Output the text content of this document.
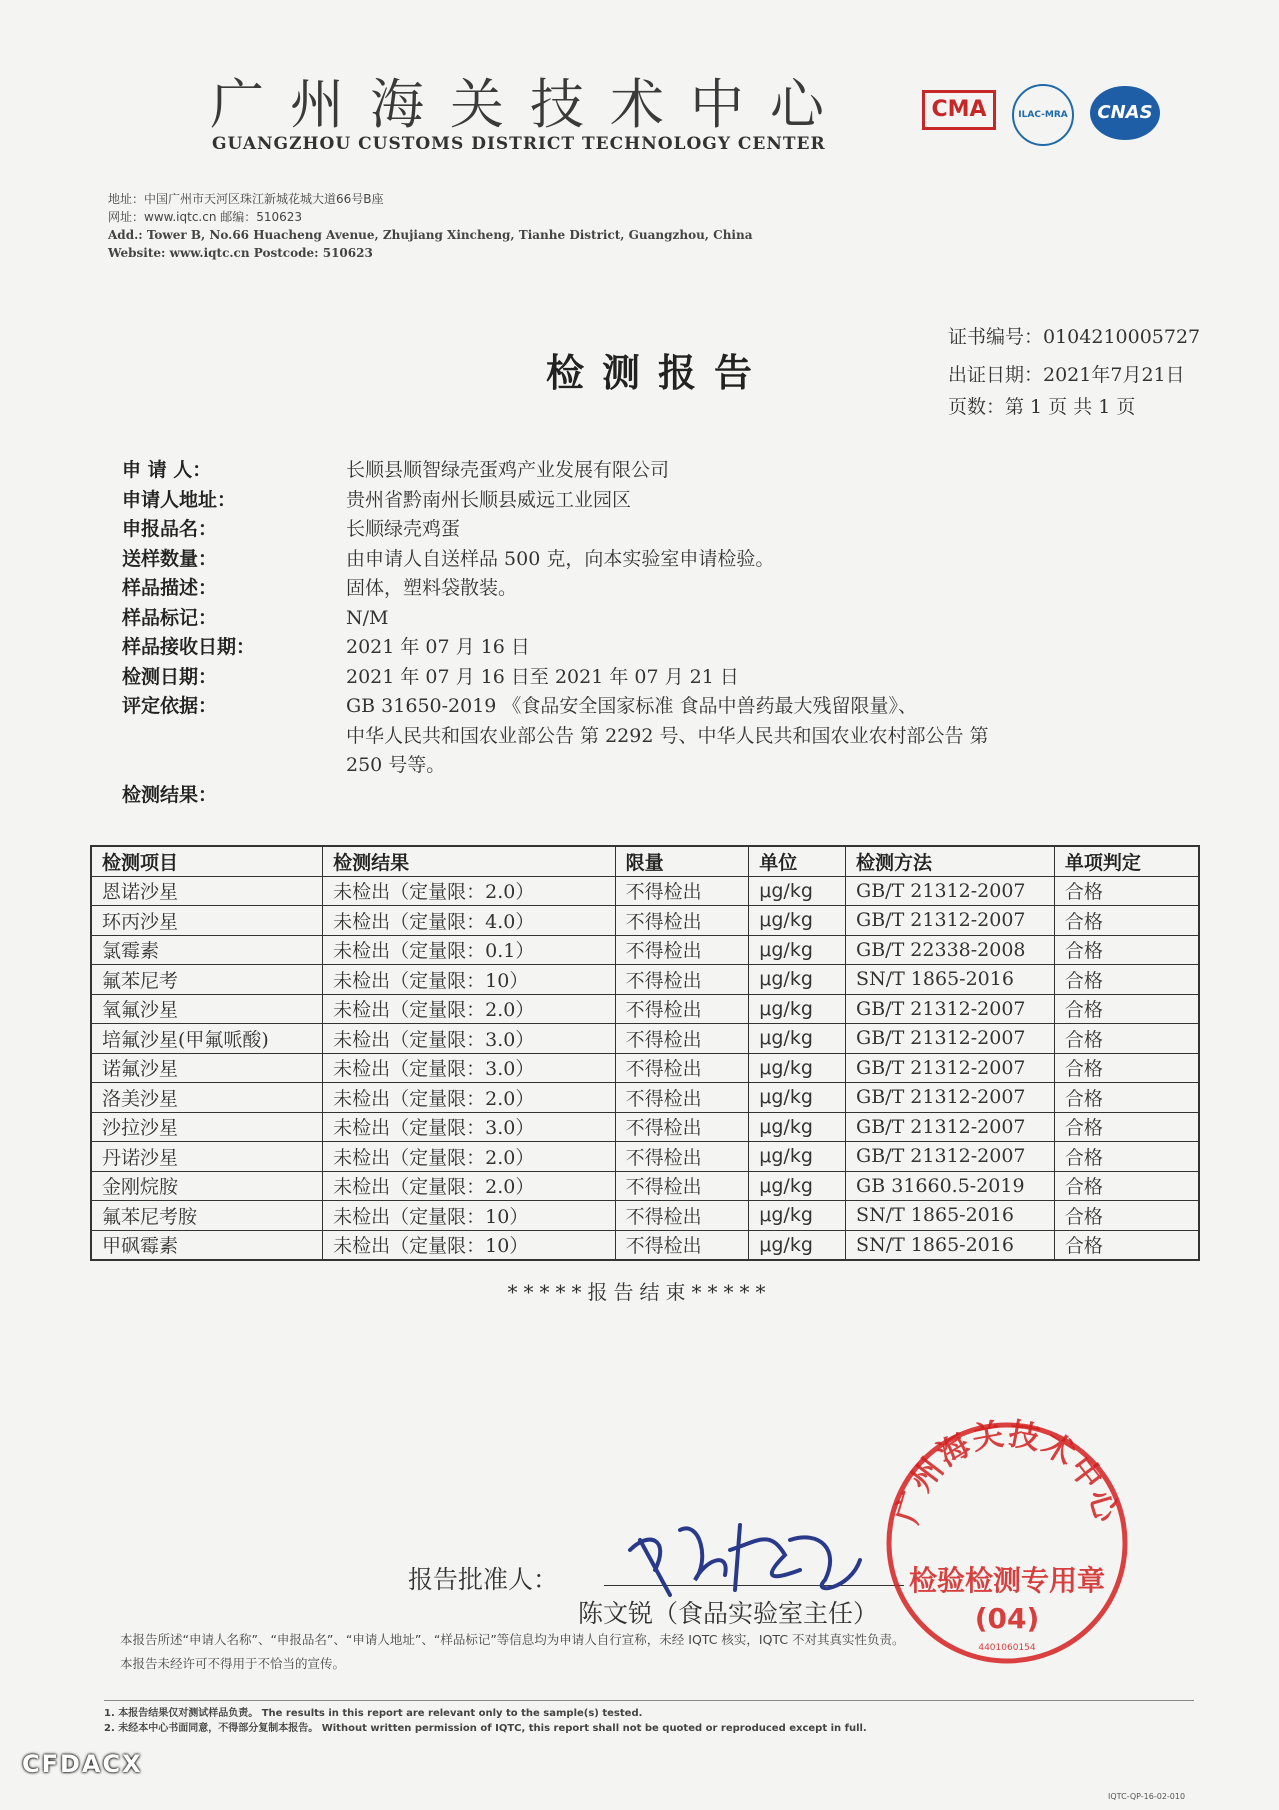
广州海关技术中心
GUANGZHOU CUSTOMS DISTRICT TECHNOLOGY CENTER
CMA	ILAC-MRA	CNAS
地址：中国广州市天河区珠江新城花城大道66号B座
网址：www.iqtc.cn 邮编：510623
Add.: Tower B, No.66 Huacheng Avenue, Zhujiang Xincheng, Tianhe District, Guangzhou, China
Website: www.iqtc.cn Postcode: 510623
检测报告
证书编号：0104210005727
出证日期：2021年7月21日
页数：第 1 页 共 1 页
申 请 人：	长顺县顺智绿壳蛋鸡产业发展有限公司
申请人地址：	贵州省黔南州长顺县威远工业园区
申报品名：	长顺绿壳鸡蛋
送样数量：	由申请人自送样品 500 克，向本实验室申请检验。
样品描述：	固体，塑料袋散装。
样品标记：	N/M
样品接收日期：	2021 年 07 月 16 日
检测日期：	2021 年 07 月 16 日至 2021 年 07 月 21 日
评定依据：	GB 31650-2019 《食品安全国家标准 食品中兽药最大残留限量》、
中华人民共和国农业部公告 第 2292 号、中华人民共和国农业农村部公告 第
250 号等。
检测结果：
检测项目	检测结果	限量	单位	检测方法	单项判定
恩诺沙星	未检出（定量限：2.0）	不得检出	μg/kg	GB/T 21312-2007	合格
环丙沙星	未检出（定量限：4.0）	不得检出	μg/kg	GB/T 21312-2007	合格
氯霉素	未检出（定量限：0.1）	不得检出	μg/kg	GB/T 22338-2008	合格
氟苯尼考	未检出（定量限：10）	不得检出	μg/kg	SN/T 1865-2016	合格
氧氟沙星	未检出（定量限：2.0）	不得检出	μg/kg	GB/T 21312-2007	合格
培氟沙星(甲氟哌酸)	未检出（定量限：3.0）	不得检出	μg/kg	GB/T 21312-2007	合格
诺氟沙星	未检出（定量限：3.0）	不得检出	μg/kg	GB/T 21312-2007	合格
洛美沙星	未检出（定量限：2.0）	不得检出	μg/kg	GB/T 21312-2007	合格
沙拉沙星	未检出（定量限：3.0）	不得检出	μg/kg	GB/T 21312-2007	合格
丹诺沙星	未检出（定量限：2.0）	不得检出	μg/kg	GB/T 21312-2007	合格
金刚烷胺	未检出（定量限：2.0）	不得检出	μg/kg	GB 31660.5-2019	合格
氟苯尼考胺	未检出（定量限：10）	不得检出	μg/kg	SN/T 1865-2016	合格
甲砜霉素	未检出（定量限：10）	不得检出	μg/kg	SN/T 1865-2016	合格
*****报告结束*****
报告批准人：
陈文锐（食品实验室主任）
广州海关技术中心
检验检测专用章
(04)
4401060154
本报告所述“申请人名称”、“申报品名”、“申请人地址”、“样品标记”等信息均为申请人自行宣称，未经 IQTC 核实，IQTC 不对其真实性负责。
本报告未经许可不得用于不恰当的宣传。
1. 本报告结果仅对测试样品负责。 The results in this report are relevant only to the sample(s) tested.
2. 未经本中心书面同意，不得部分复制本报告。 Without written permission of IQTC, this report shall not be quoted or reproduced except in full.
CFDACX
IQTC-QP-16-02-010
